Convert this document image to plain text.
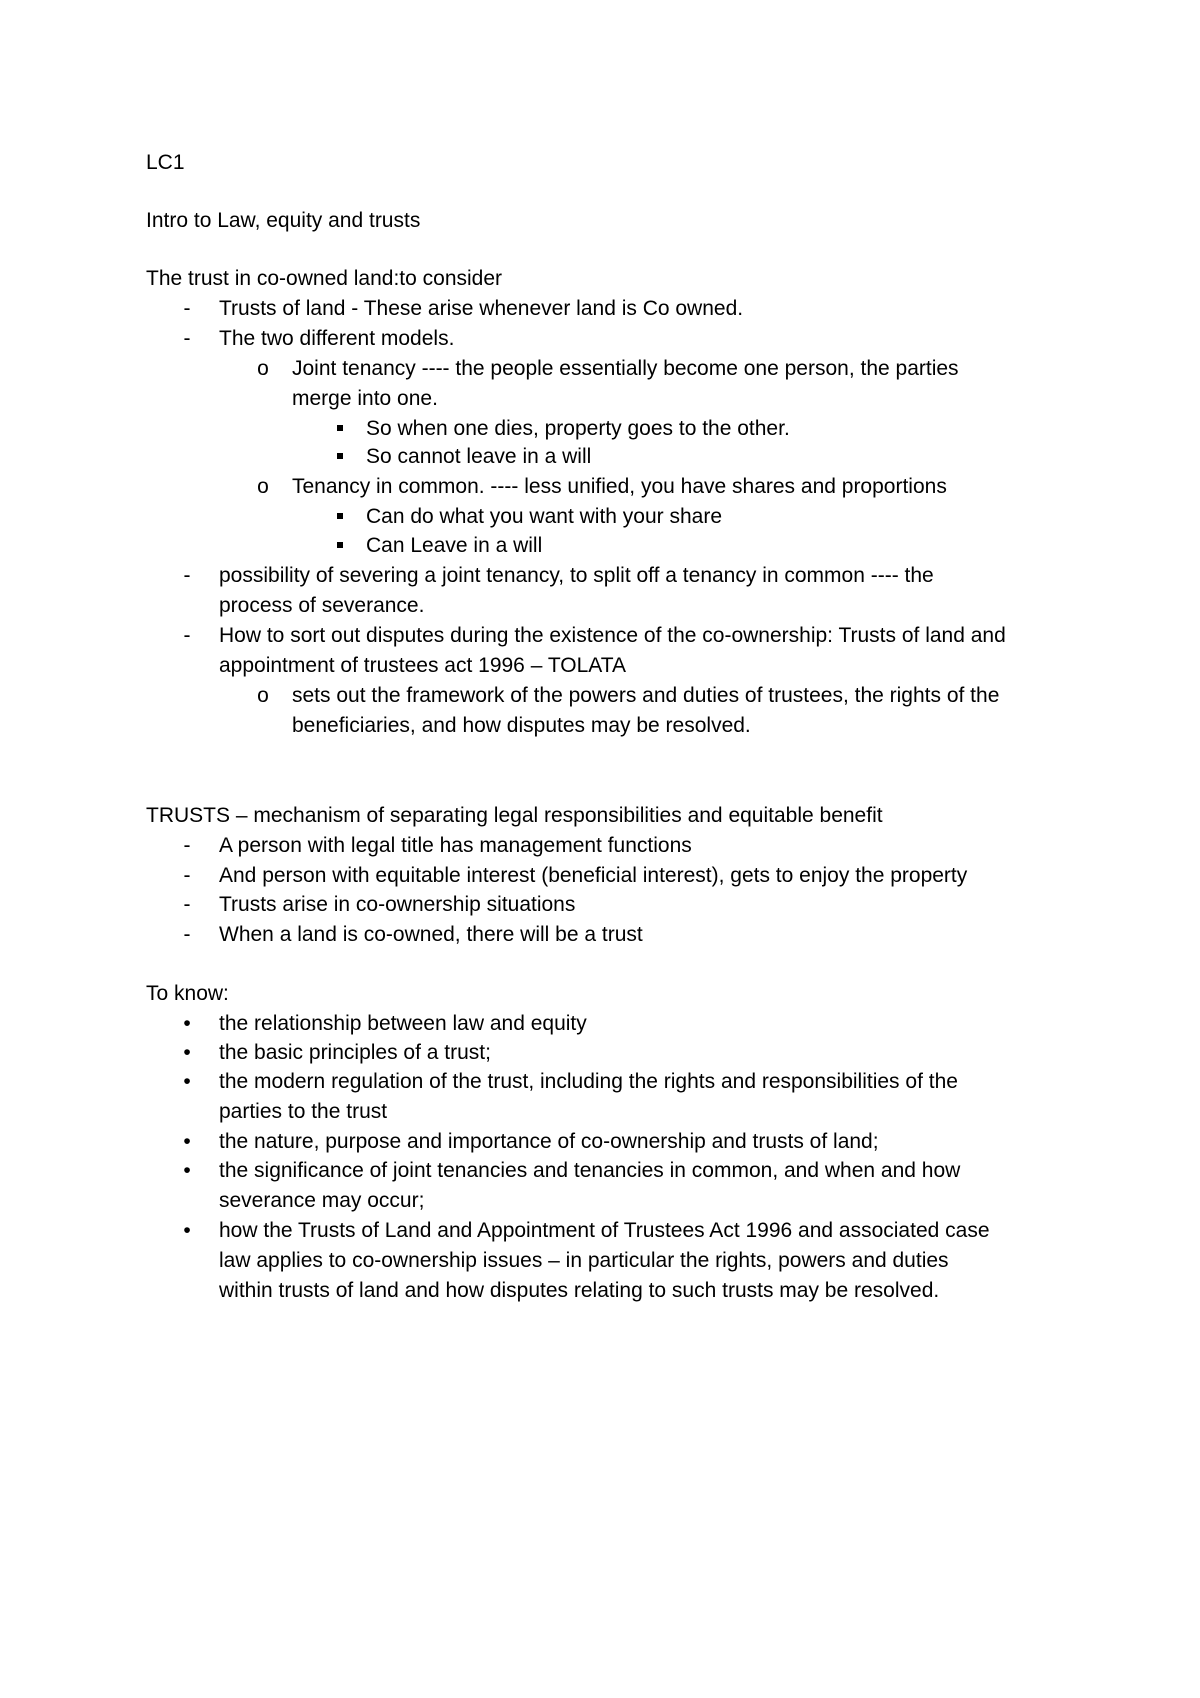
LC1
Intro to Law, equity and trusts
The trust in co-owned land:to consider
-	Trusts of land - These arise whenever land is Co owned.
-	The two different models.
o Joint tenancy ---- the people essentially become one person, the parties
merge into one.
So when one dies, property goes to the other.
So cannot leave in a will
o Tenancy in common. ---- less unified, you have shares and proportions
Can do what you want with your share
Can Leave in a will
-	possibility of severing a joint tenancy, to split off a tenancy in common ---- the
process of severance.
-	How to sort out disputes during the existence of the co-ownership: Trusts of land and
appointment of trustees act 1996 – TOLATA
o sets out the framework of the powers and duties of trustees, the rights of the
beneficiaries, and how disputes may be resolved.
TRUSTS – mechanism of separating legal responsibilities and equitable benefit
-	A person with legal title has management functions
-	And person with equitable interest (beneficial interest), gets to enjoy the property
-	Trusts arise in co-ownership situations
-	When a land is co-owned, there will be a trust
To know:
•	the relationship between law and equity
•	the basic principles of a trust;
•	the modern regulation of the trust, including the rights and responsibilities of the
parties to the trust
•	the nature, purpose and importance of co-ownership and trusts of land;
•	the significance of joint tenancies and tenancies in common, and when and how
severance may occur;
•	how the Trusts of Land and Appointment of Trustees Act 1996 and associated case
law applies to co-ownership issues – in particular the rights, powers and duties
within trusts of land and how disputes relating to such trusts may be resolved.
